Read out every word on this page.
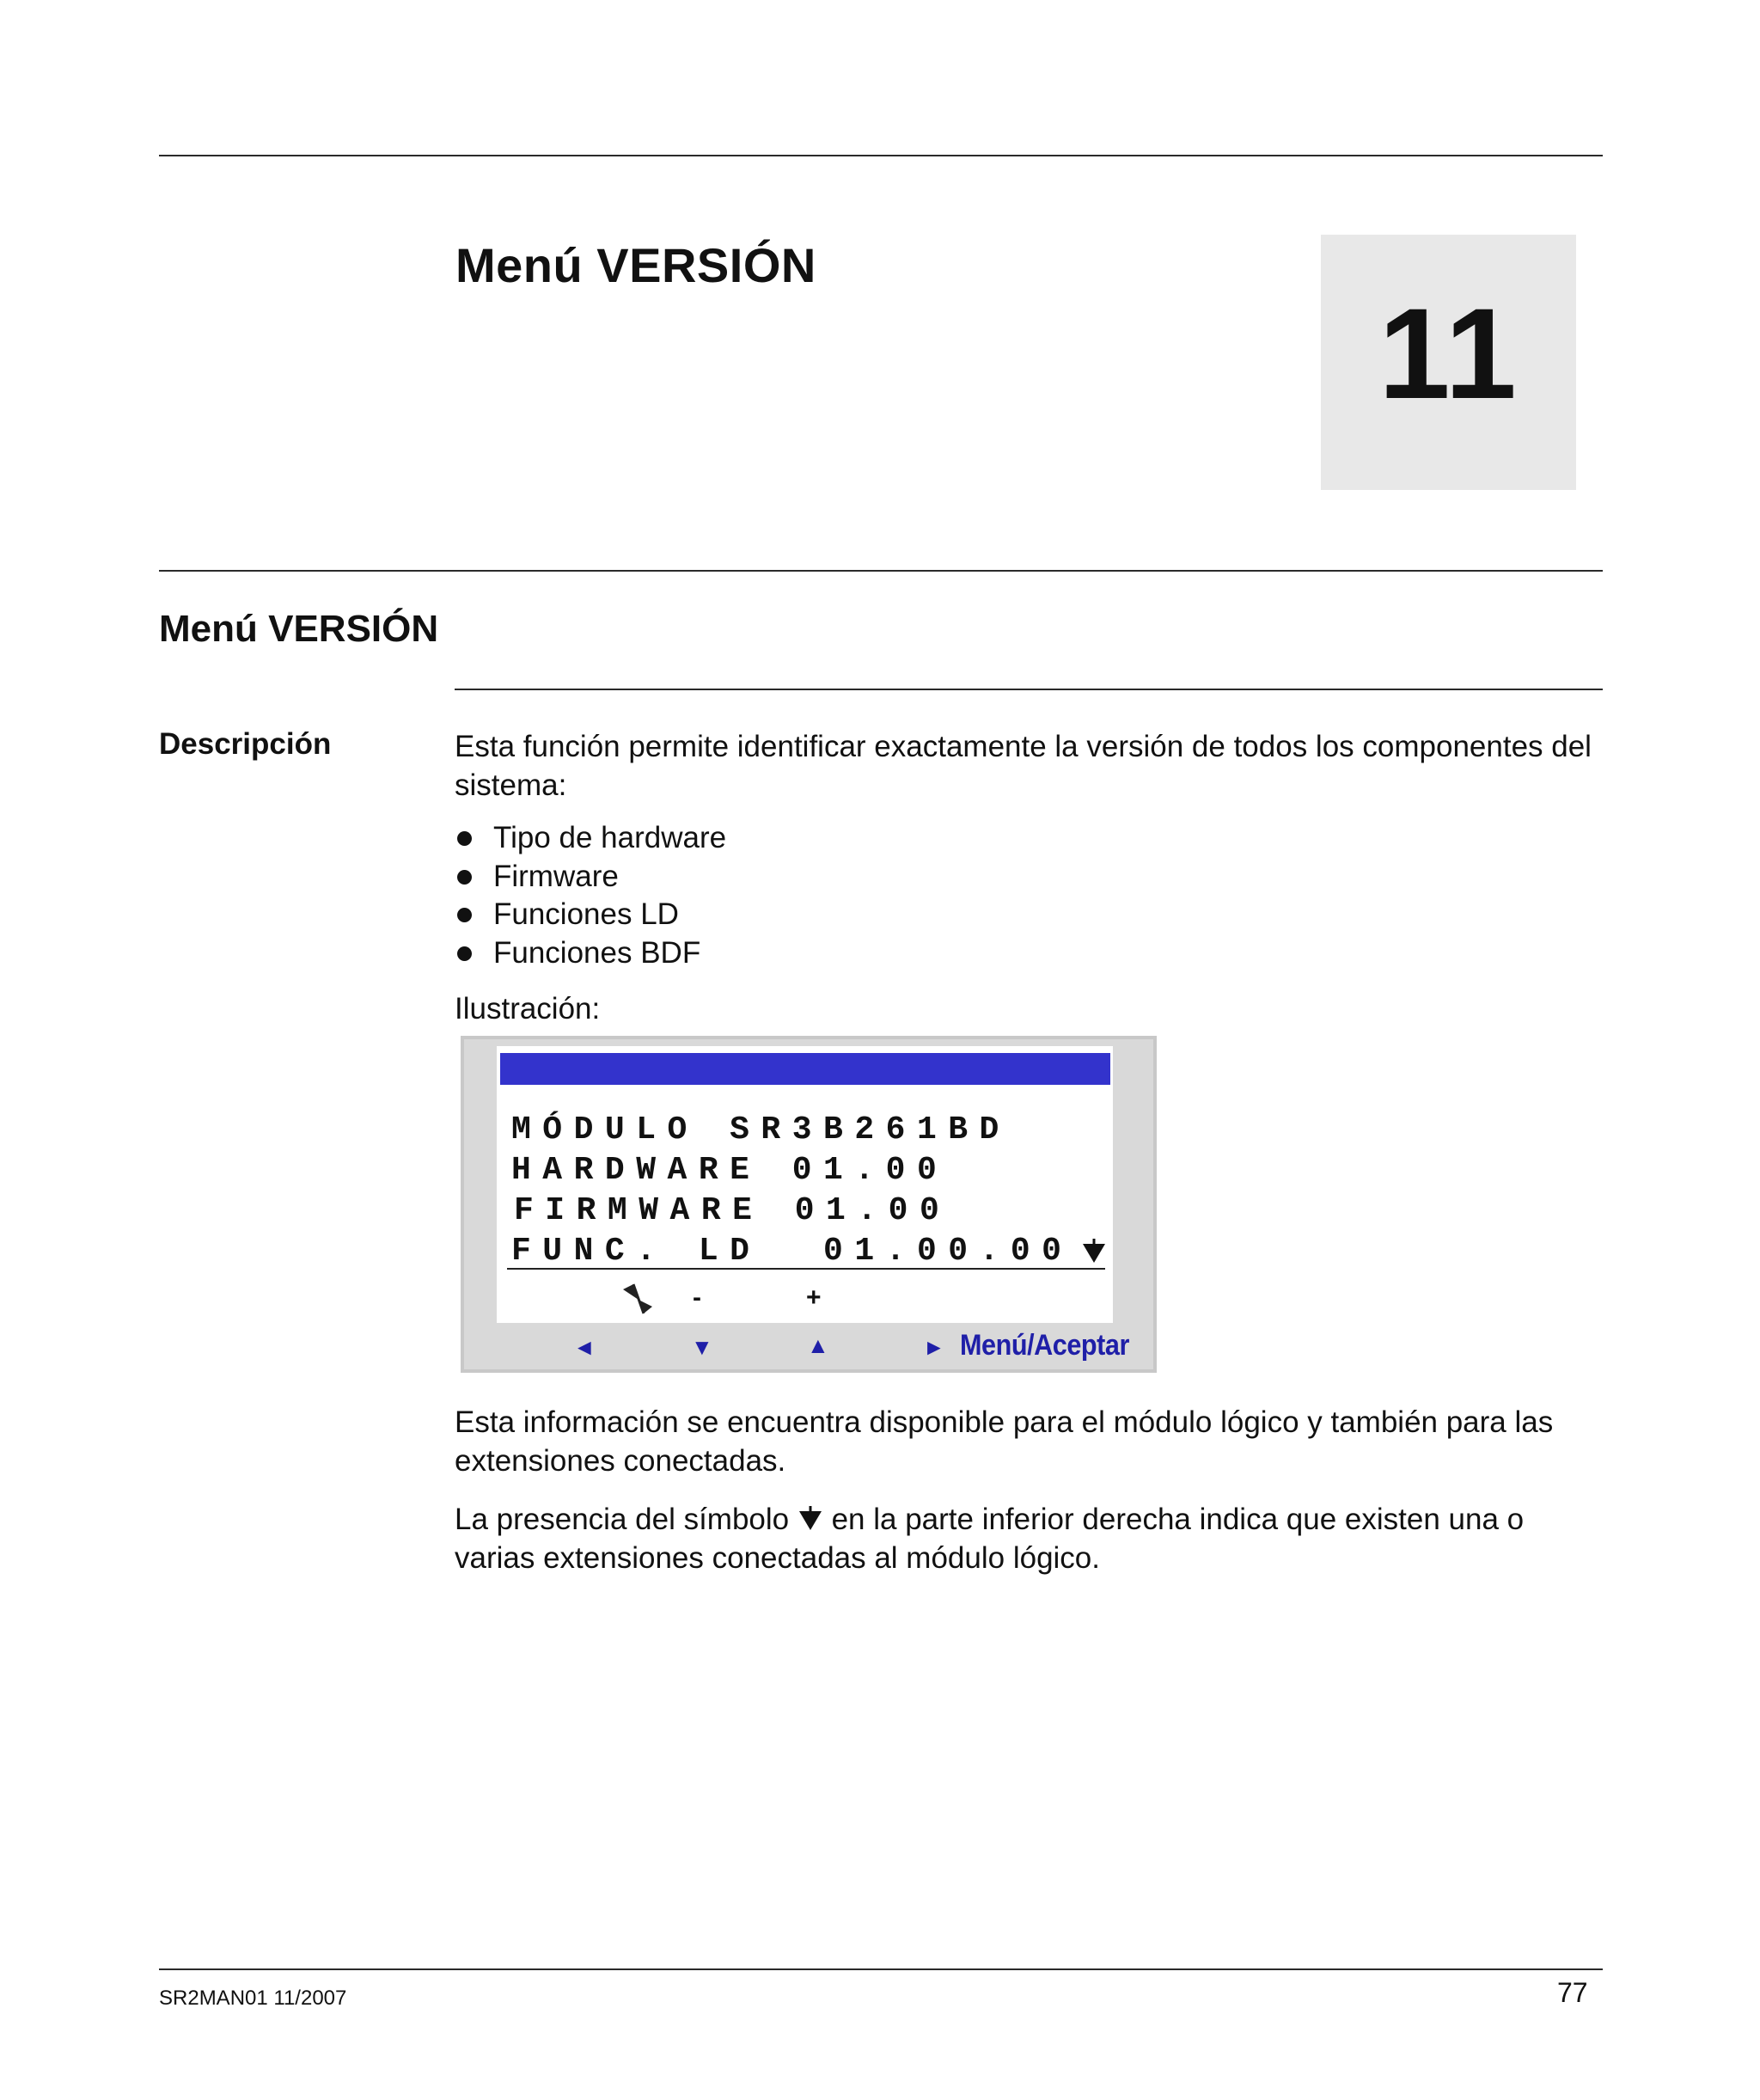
Menú VERSIÓN
11
Menú VERSIÓN
Descripción	Esta función permite identificar exactamente la versión de todos los componentes del sistema:

Tipo de hardware
Firmware
Funciones LD
Funciones BDF

Ilustración:

MÓDULO SR3B261BD
HARDWARE 01.00
FIRMWARE 01.00
FUNC. LD  01.00.00
-	+
◄	▼	▲	► Menú/Aceptar

Esta información se encuentra disponible para el módulo lógico y también para las extensiones conectadas.

La presencia del símbolo  en la parte inferior derecha indica que existen una o varias extensiones conectadas al módulo lógico.

SR2MAN01 11/2007	77
